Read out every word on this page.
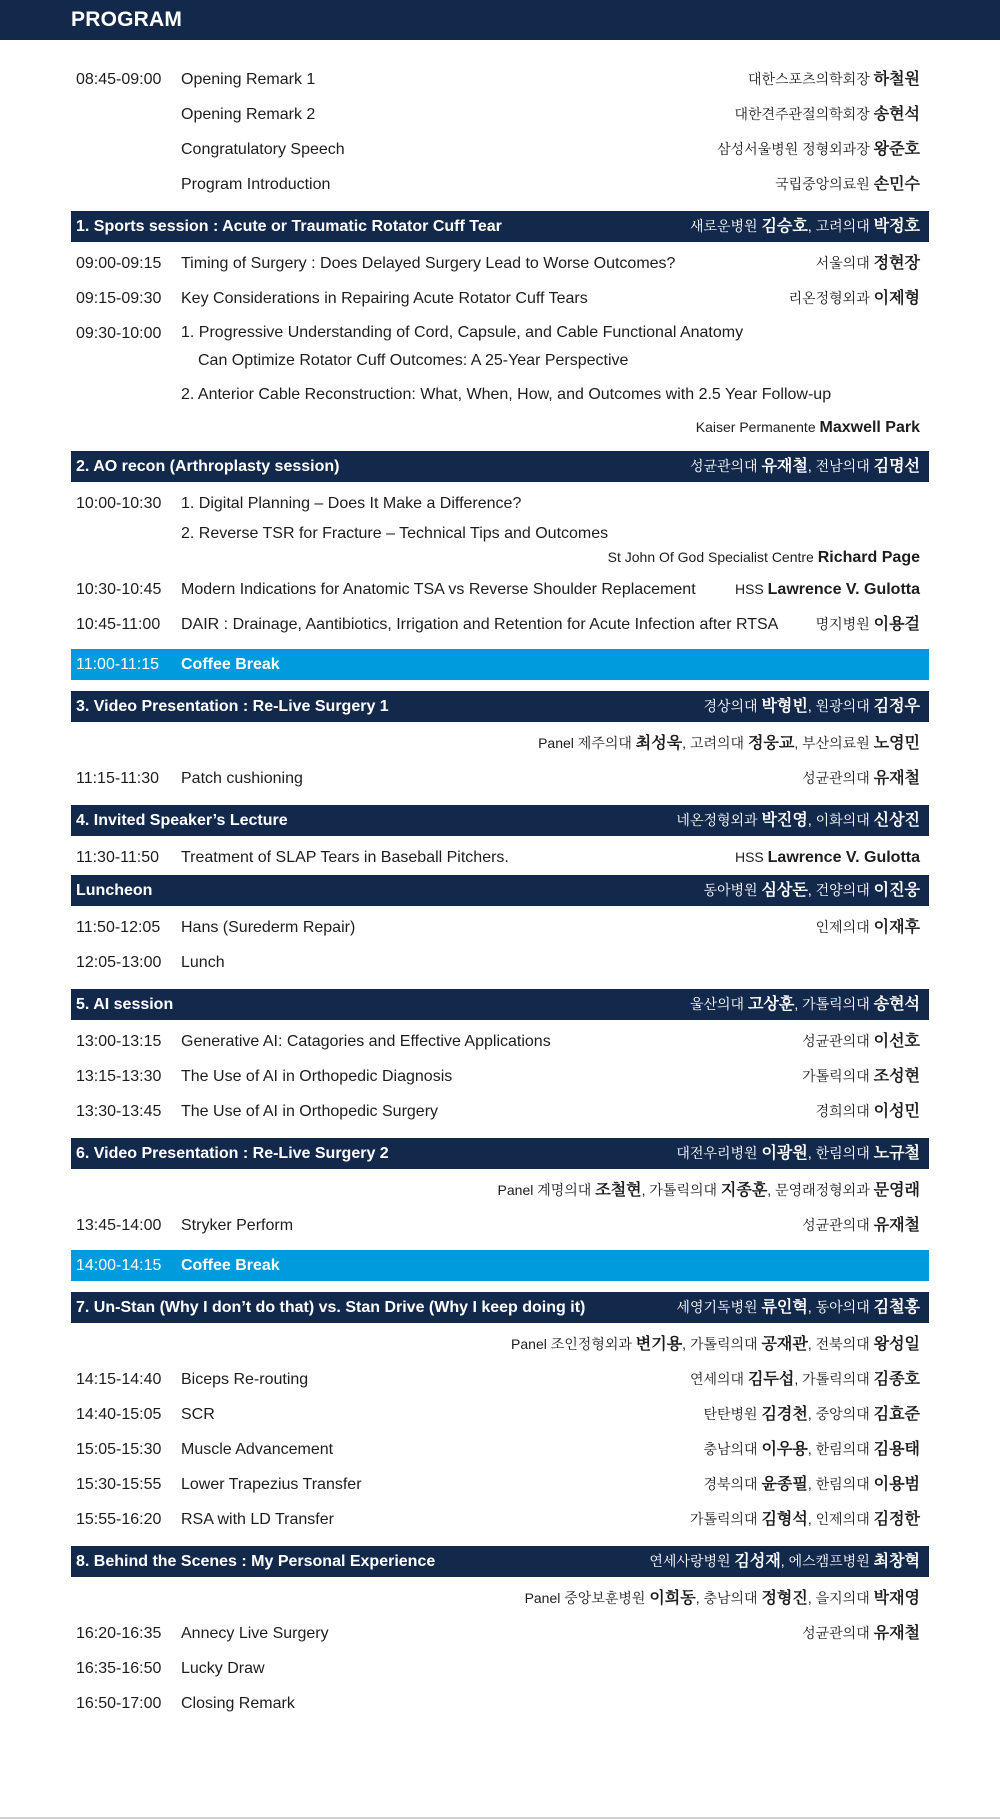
PROGRAM
08:45-09:00 Opening Remark 1	대한스포츠의학회장 하철원
Opening Remark 2	대한견주관절의학회장 송현석
Congratulatory Speech	삼성서울병원 정형외과장 왕준호
Program Introduction	국립중앙의료원 손민수
1. Sports session : Acute or Traumatic Rotator Cuff Tear	새로운병원 김승호, 고려의대 박정호
09:00-09:15 Timing of Surgery : Does Delayed Surgery Lead to Worse Outcomes?	서울의대 정현장
09:15-09:30 Key Considerations in Repairing Acute Rotator Cuff Tears	리온정형외과 이제형
09:30-10:00	1. Progressive Understanding of Cord, Capsule, and Cable Functional Anatomy
Can Optimize Rotator Cuff Outcomes: A 25-Year Perspective
2. Anterior Cable Reconstruction: What, When, How, and Outcomes with 2.5 Year Follow-up
Kaiser Permanente Maxwell Park
2. AO recon (Arthroplasty session)	성균관의대 유재철, 전남의대 김명선
10:00-10:30 1. Digital Planning – Does It Make a Difference?
2. Reverse TSR for Fracture – Technical Tips and Outcomes
St John Of God Specialist Centre Richard Page
10:30-10:45 Modern Indications for Anatomic TSA vs Reverse Shoulder Replacement	HSS Lawrence V. Gulotta
10:45-11:00 DAIR : Drainage, Aantibiotics, Irrigation and Retention for Acute Infection after RTSA	명지병원 이용걸
11:00-11:15 Coffee Break
3. Video Presentation : Re-Live Surgery 1	경상의대 박형빈, 원광의대 김정우
Panel 제주의대 최성욱, 고려의대 정웅교, 부산의료원 노영민
11:15-11:30 Patch cushioning	성균관의대 유재철
4. Invited Speaker’s Lecture	네온정형외과 박진영, 이화의대 신상진
11:30-11:50 Treatment of SLAP Tears in Baseball Pitchers.	HSS Lawrence V. Gulotta
Luncheon	동아병원 심상돈, 건양의대 이진웅
11:50-12:05 Hans (Surederm Repair)	인제의대 이재후
12:05-13:00 Lunch
5. AI session	울산의대 고상훈, 가톨릭의대 송현석
13:00-13:15 Generative AI: Catagories and Effective Applications	성균관의대 이선호
13:15-13:30 The Use of AI in Orthopedic Diagnosis	가톨릭의대 조성현
13:30-13:45 The Use of AI in Orthopedic Surgery	경희의대 이성민
6. Video Presentation : Re-Live Surgery 2	대전우리병원 이광원, 한림의대 노규철
Panel 계명의대 조철현, 가톨릭의대 지종훈, 문영래정형외과 문영래
13:45-14:00 Stryker Perform	성균관의대 유재철
14:00-14:15 Coffee Break
7. Un-Stan (Why I don’t do that) vs. Stan Drive (Why I keep doing it)	세영기독병원 류인혁, 동아의대 김철홍
Panel 조인정형외과 변기용, 가톨릭의대 공재관, 전북의대 왕성일
14:15-14:40 Biceps Re-routing	연세의대 김두섭, 가톨릭의대 김종호
14:40-15:05 SCR	탄탄병원 김경천, 중앙의대 김효준
15:05-15:30 Muscle Advancement	충남의대 이우용, 한림의대 김용태
15:30-15:55 Lower Trapezius Transfer	경북의대 윤종필, 한림의대 이용범
15:55-16:20 RSA with LD Transfer	가톨릭의대 김형석, 인제의대 김정한
8. Behind the Scenes : My Personal Experience	연세사랑병원 김성재, 에스캠프병원 최창혁
Panel 중앙보훈병원 이희동, 충남의대 정형진, 을지의대 박재영
16:20-16:35 Annecy Live Surgery	성균관의대 유재철
16:35-16:50 Lucky Draw
16:50-17:00 Closing Remark
